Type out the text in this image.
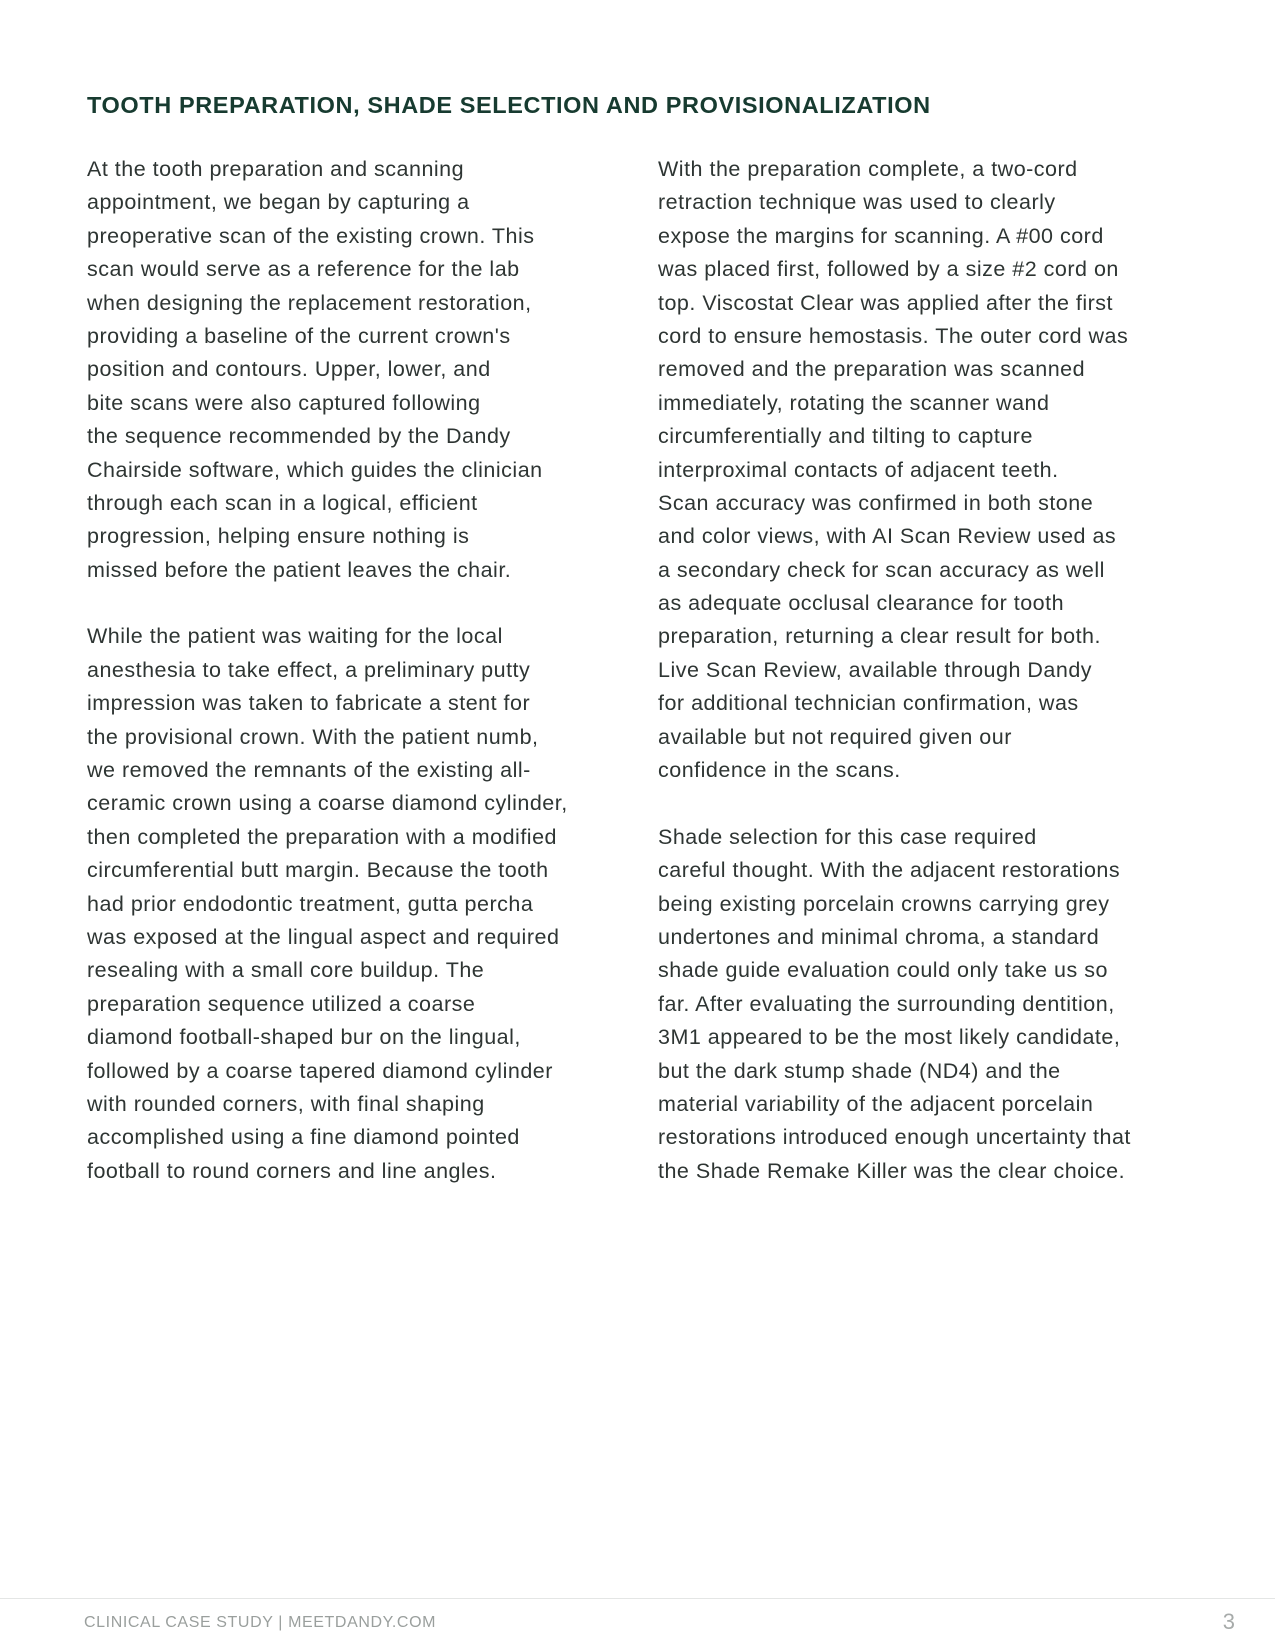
TOOTH PREPARATION, SHADE SELECTION AND PROVISIONALIZATION
At the tooth preparation and scanning
appointment, we began by capturing a
preoperative scan of the existing crown. This
scan would serve as a reference for the lab
when designing the replacement restoration,
providing a baseline of the current crown's
position and contours. Upper, lower, and
bite scans were also captured following
the sequence recommended by the Dandy
Chairside software, which guides the clinician
through each scan in a logical, efficient
progression, helping ensure nothing is
missed before the patient leaves the chair.
While the patient was waiting for the local
anesthesia to take effect, a preliminary putty
impression was taken to fabricate a stent for
the provisional crown. With the patient numb,
we removed the remnants of the existing all-
ceramic crown using a coarse diamond cylinder,
then completed the preparation with a modified
circumferential butt margin. Because the tooth
had prior endodontic treatment, gutta percha
was exposed at the lingual aspect and required
resealing with a small core buildup. The
preparation sequence utilized a coarse
diamond football-shaped bur on the lingual,
followed by a coarse tapered diamond cylinder
with rounded corners, with final shaping
accomplished using a fine diamond pointed
football to round corners and line angles.
With the preparation complete, a two-cord
retraction technique was used to clearly
expose the margins for scanning. A #00 cord
was placed first, followed by a size #2 cord on
top. Viscostat Clear was applied after the first
cord to ensure hemostasis. The outer cord was
removed and the preparation was scanned
immediately, rotating the scanner wand
circumferentially and tilting to capture
interproximal contacts of adjacent teeth.
Scan accuracy was confirmed in both stone
and color views, with AI Scan Review used as
a secondary check for scan accuracy as well
as adequate occlusal clearance for tooth
preparation, returning a clear result for both.
Live Scan Review, available through Dandy
for additional technician confirmation, was
available but not required given our
confidence in the scans.
Shade selection for this case required
careful thought. With the adjacent restorations
being existing porcelain crowns carrying grey
undertones and minimal chroma, a standard
shade guide evaluation could only take us so
far. After evaluating the surrounding dentition,
3M1 appeared to be the most likely candidate,
but the dark stump shade (ND4) and the
material variability of the adjacent porcelain
restorations introduced enough uncertainty that
the Shade Remake Killer was the clear choice.
CLINICAL CASE STUDY | MEETDANDY.COM	3
